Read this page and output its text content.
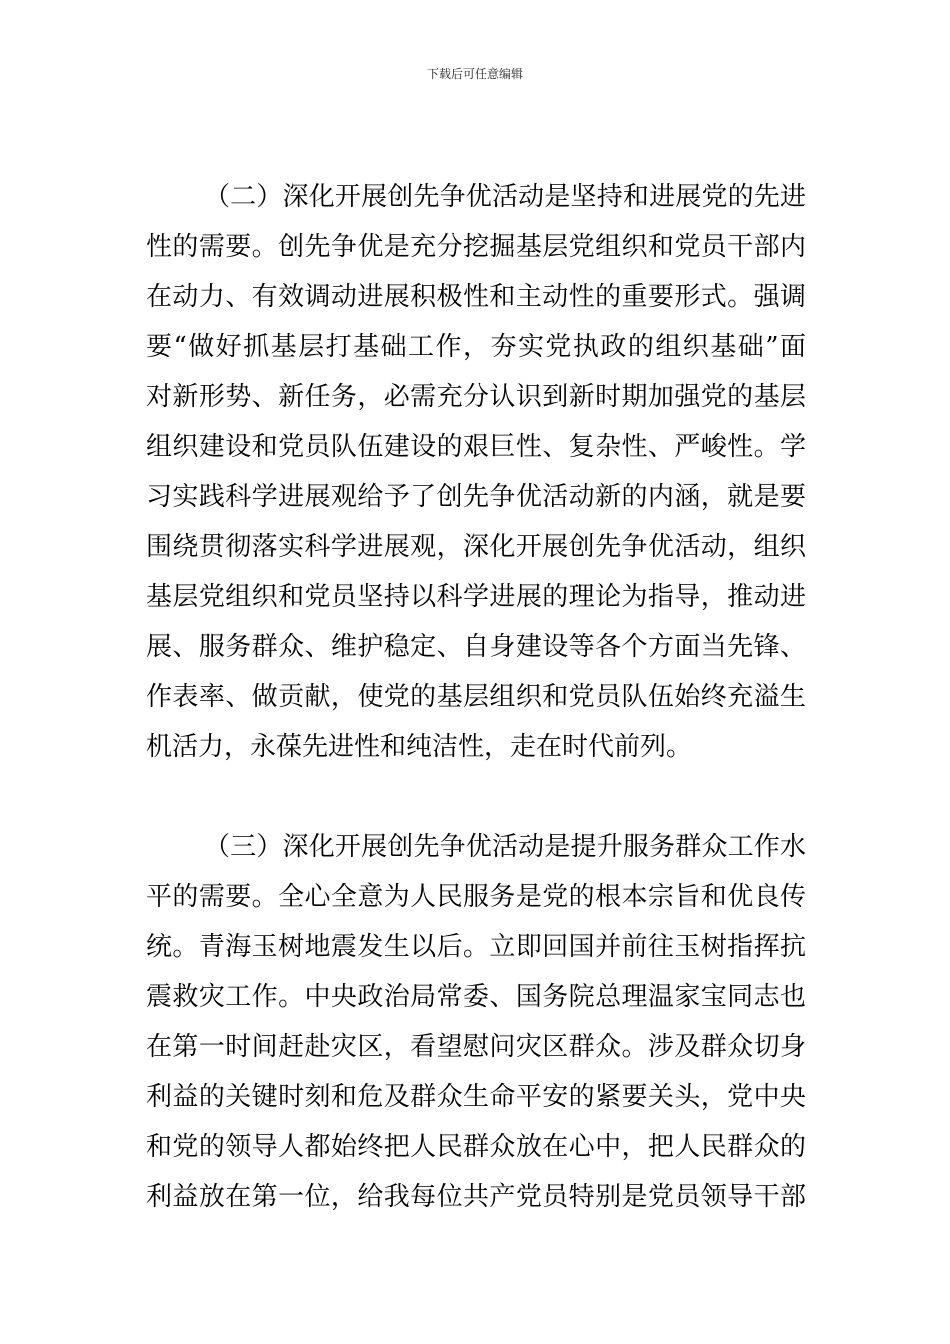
下载后可任意编辑
（二）深化开展创先争优活动是坚持和进展党的先进
性的需要。创先争优是充分挖掘基层党组织和党员干部内
在动力、有效调动进展积极性和主动性的重要形式。强调
要“做好抓基层打基础工作，夯实党执政的组织基础”面
对新形势、新任务，必需充分认识到新时期加强党的基层
组织建设和党员队伍建设的艰巨性、复杂性、严峻性。学
习实践科学进展观给予了创先争优活动新的内涵，就是要
围绕贯彻落实科学进展观，深化开展创先争优活动，组织
基层党组织和党员坚持以科学进展的理论为指导，推动进
展、服务群众、维护稳定、自身建设等各个方面当先锋、
作表率、做贡献，使党的基层组织和党员队伍始终充溢生
机活力，永葆先进性和纯洁性，走在时代前列。
（三）深化开展创先争优活动是提升服务群众工作水
平的需要。全心全意为人民服务是党的根本宗旨和优良传
统。青海玉树地震发生以后。立即回国并前往玉树指挥抗
震救灾工作。中央政治局常委、国务院总理温家宝同志也
在第一时间赶赴灾区，看望慰问灾区群众。涉及群众切身
利益的关键时刻和危及群众生命平安的紧要关头，党中央
和党的领导人都始终把人民群众放在心中，把人民群众的
利益放在第一位，给我每位共产党员特别是党员领导干部
